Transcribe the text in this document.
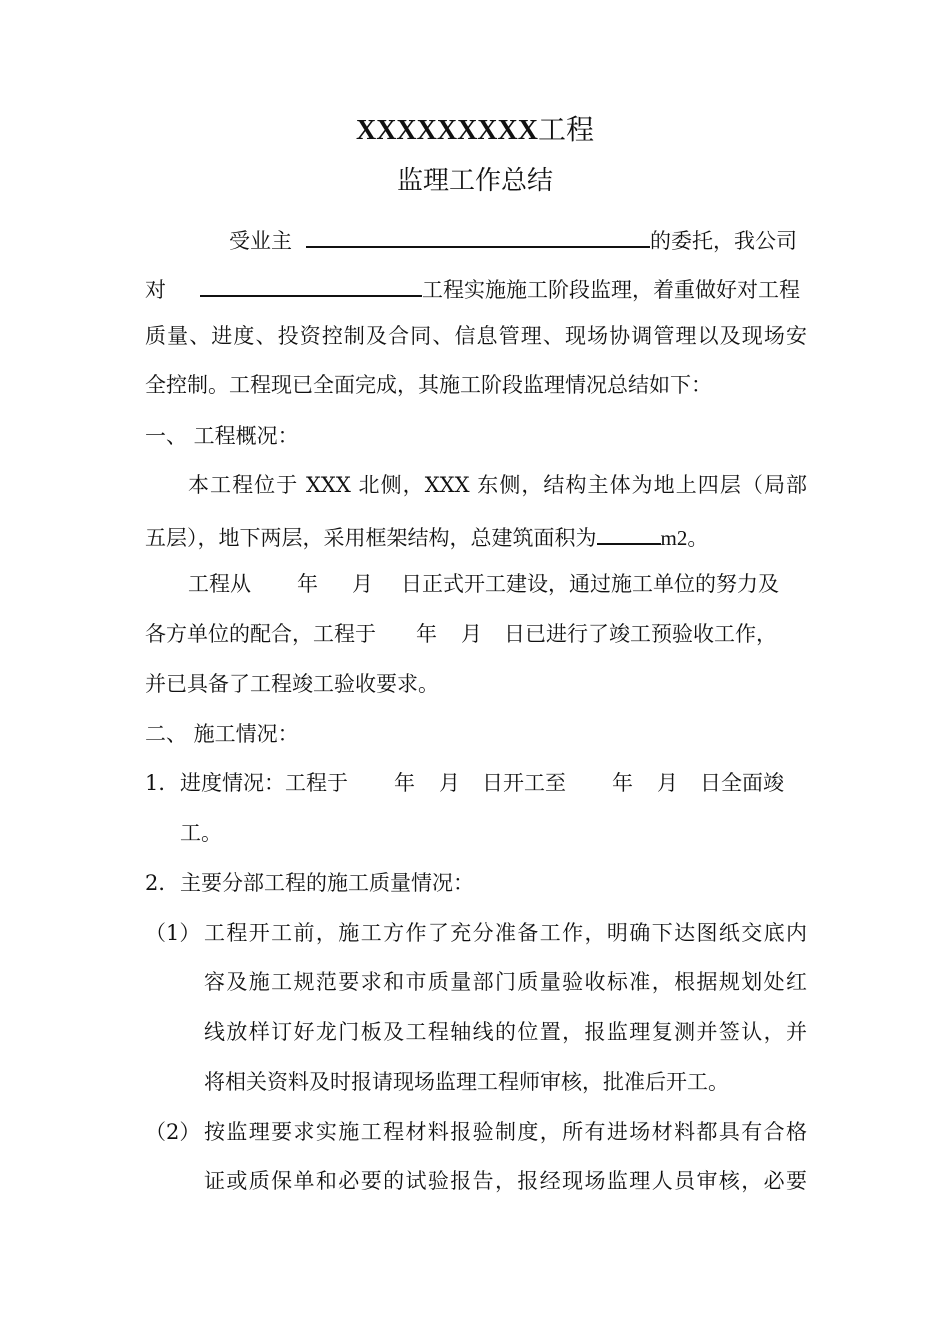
XXXXXXXXX工程
监理工作总结
受业主	的委托，我公司
对	工程实施施工阶段监理，着重做好对工程
质量、进度、投资控制及合同、信息管理、现场协调管理以及现场安
全控制。工程现已全面完成，其施工阶段监理情况总结如下：
一、 工程概况：
本工程位于 XXX 北侧，XXX 东侧，结构主体为地上四层（局部
五层），地下两层，采用框架结构，总建筑面积为	m2。
工程从 年 月 日正式开工建设，通过施工单位的努力及
各方单位的配合，工程于 年 月 日已进行了竣工预验收工作，
并已具备了工程竣工验收要求。
二、 施工情况：
1． 进度情况：工程于 年 月 日开工至 年 月 日全面竣
工。
2． 主要分部工程的施工质量情况：
（1） 工程开工前，施工方作了充分准备工作，明确下达图纸交底内
容及施工规范要求和市质量部门质量验收标准，根据规划处红
线放样订好龙门板及工程轴线的位置，报监理复测并签认，并
将相关资料及时报请现场监理工程师审核，批准后开工。
（2） 按监理要求实施工程材料报验制度，所有进场材料都具有合格
证或质保单和必要的试验报告，报经现场监理人员审核，必要
